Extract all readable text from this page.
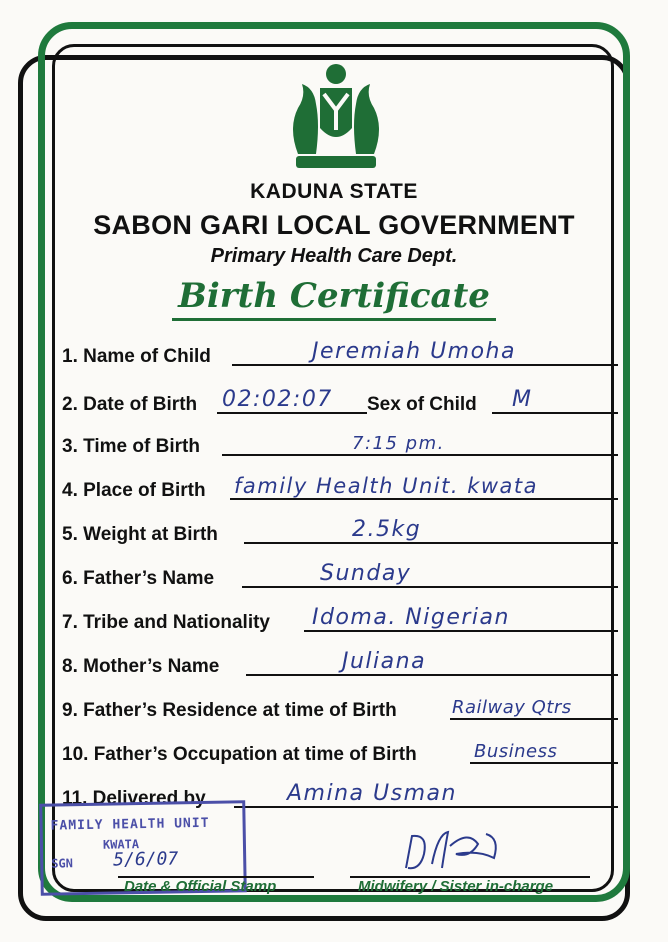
KADUNA STATE
SABON GARI LOCAL GOVERNMENT
Primary Health Care Dept.
Birth Certificate
1. Name of Child	Jeremiah Umoha
2. Date of Birth 02:02:07 Sex of Child M
3. Time of Birth	7:15 pm.
4. Place of Birth family Health Unit. kwata
5. Weight at Birth	2.5kg
6. Father’s Name	Sunday
7. Tribe and Nationality Idoma. Nigerian
8. Mother’s Name	Juliana
9. Father’s Residence at time of Birth	Railway Qtrs
10. Father’s Occupation at time of Birth	Business
11. Delivered by	Amina Usman
FAMILY HEALTH UNIT
KWATA
SGN 5/6/07
Date & Official Stamp	Midwifery / Sister in-charge
